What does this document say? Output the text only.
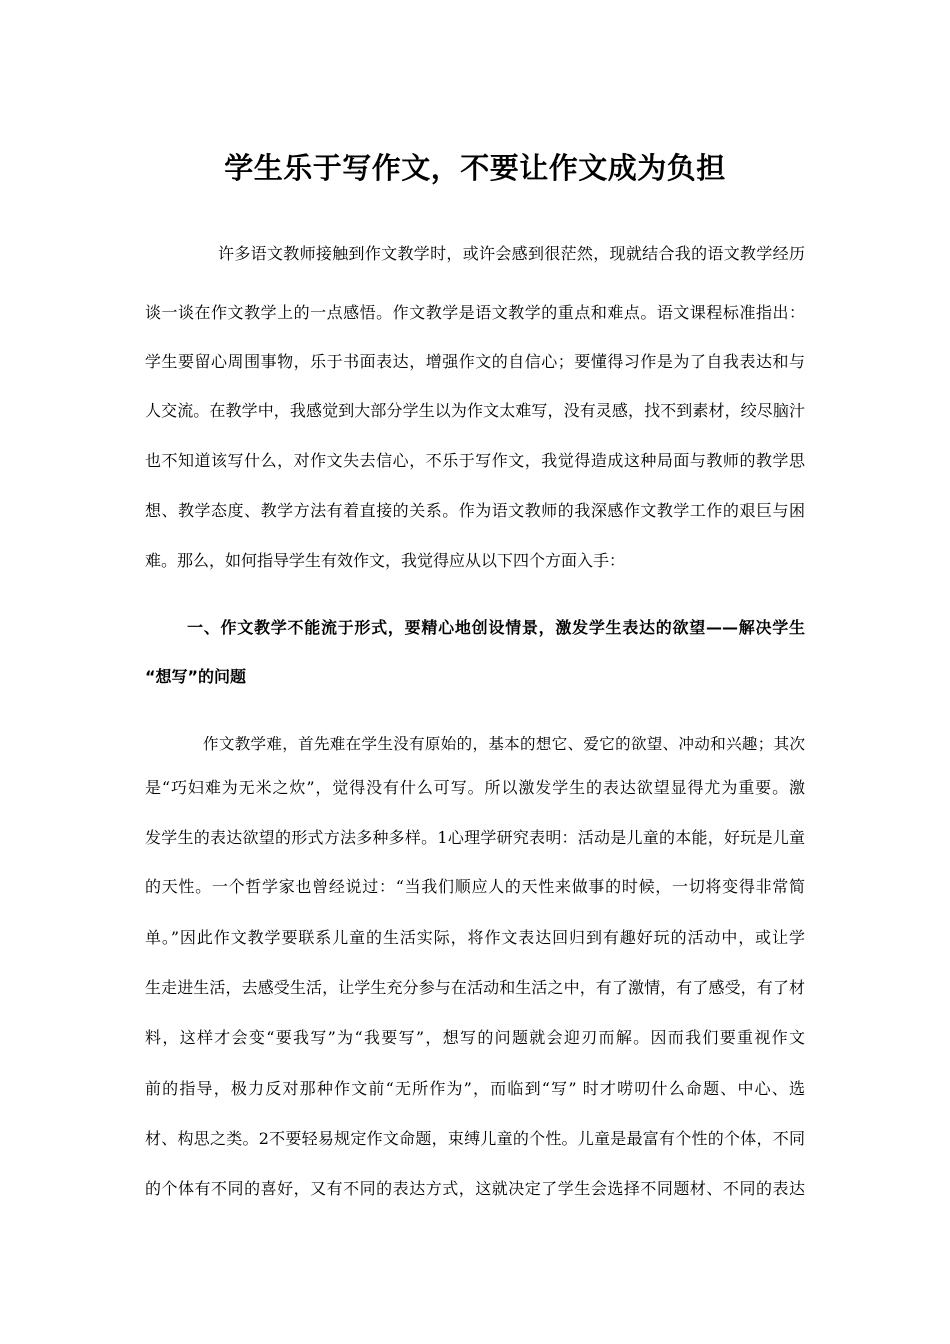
学生乐于写作文，不要让作文成为负担
许多语文教师接触到作文教学时，或许会感到很茫然，现就结合我的语文教学经历
谈一谈在作文教学上的一点感悟。作文教学是语文教学的重点和难点。语文课程标准指出：
学生要留心周围事物，乐于书面表达，增强作文的自信心；要懂得习作是为了自我表达和与
人交流。在教学中，我感觉到大部分学生以为作文太难写，没有灵感，找不到素材，绞尽脑汁
也不知道该写什么，对作文失去信心，不乐于写作文，我觉得造成这种局面与教师的教学思
想、教学态度、教学方法有着直接的关系。作为语文教师的我深感作文教学工作的艰巨与困
难。那么，如何指导学生有效作文，我觉得应从以下四个方面入手：
一、作文教学不能流于形式，要精心地创设情景，激发学生表达的欲望——解决学生
“想写”的问题
作文教学难，首先难在学生没有原始的，基本的想它、爱它的欲望、冲动和兴趣；其次
是“巧妇难为无米之炊”，觉得没有什么可写。所以激发学生的表达欲望显得尤为重要。激
发学生的表达欲望的形式方法多种多样。1心理学研究表明：活动是儿童的本能，好玩是儿童
的天性。一个哲学家也曾经说过：“当我们顺应人的天性来做事的时候，一切将变得非常简
单。”因此作文教学要联系儿童的生活实际，将作文表达回归到有趣好玩的活动中，或让学
生走进生活，去感受生活，让学生充分参与在活动和生活之中，有了激情，有了感受，有了材
料，这样才会变“要我写”为“我要写”，想写的问题就会迎刃而解。因而我们要重视作文
前的指导，极力反对那种作文前“无所作为”，而临到“写” 时才唠叨什么命题、中心、选
材、构思之类。2不要轻易规定作文命题，束缚儿童的个性。儿童是最富有个性的个体，不同
的个体有不同的喜好，又有不同的表达方式，这就决定了学生会选择不同题材、不同的表达
